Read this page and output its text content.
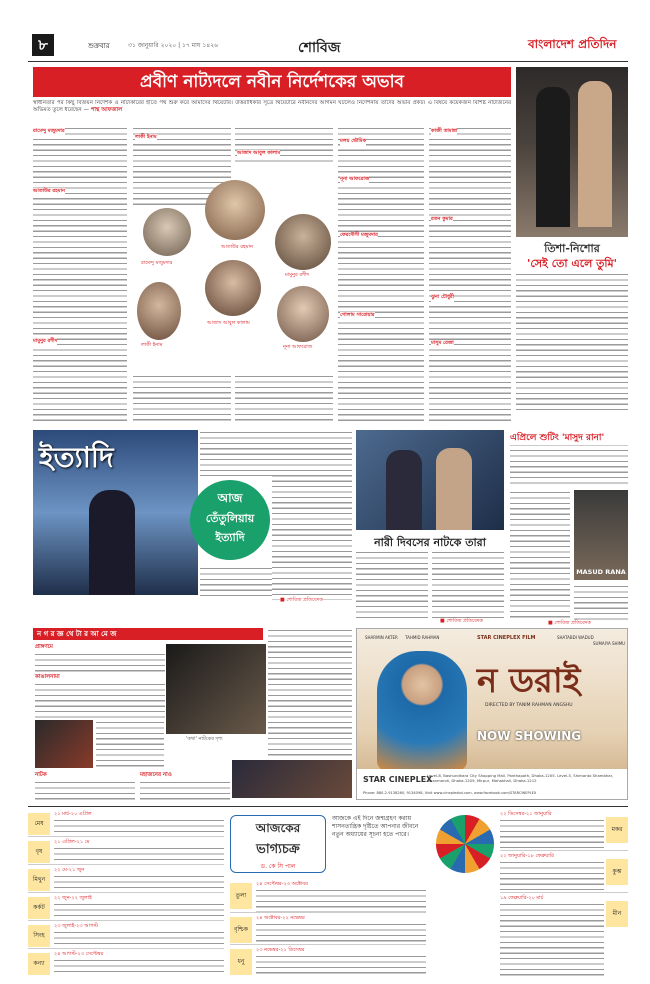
৮	শুক্রবার	৩১ জানুয়ারি ২০২০ | ১৭ মাঘ ১৪২৬	শোবিজ	বাংলাদেশ প্রতিদিন
প্রবীণ নাট্যদলে নবীন নির্দেশকের অভাব
স্বাধীনতার পর কিছু বিজয়ন নির্দেশক ও নাট্যকারের হাতে পথ শুরু করে আমাদের থিয়েটার। উত্তরাধিকার সূত্রে থিয়েটারে নবীনদের আগমন ঘটলেও নির্দেশনায় তাদের অভাব প্রকট। এ বিষয়ে কয়েকজন বিশিষ্ট নাট্যজনের অভিমত তুলে ধরেছেন — পান্থ আফজাল
রামেন্দু মজুমদার
আতাউর রহমান
মামুনুর রশীদ
লাকী ইনাম
আজাদ আবুল কালাম
নূনা আফরোজ
রামেন্দু মজুমদার
আতাউর রহমান
মামুনুর রশীদ
লাকী ইনাম
আজাদ আবুল কালাম
নূনা আফরোজ
মলয় ভৌমিক
ফেরদৌসী মজুমদার
গোলাম সারোয়ার
কাজী তামান্না
রতন কুমার
ঝুনা চৌধুরী
মাসুম রেজা
তিশা-নিশোর
'সেই তো এলে তুমি'
ইত্যাদি
আজ
তেঁতুলিয়ায়
ইত্যাদি
■ শোবিজ প্রতিবেদক
নারী দিবসের নাটকে তারা
■ শোবিজ প্রতিবেদক
এপ্রিলে শুটিং 'মাসুদ রানা'
MASUD RANA
■ শোবিজ প্রতিবেদক
ন গ র জ্ঞ থে টা র আ মে জ
প্রাঙ্গণমে
কাঙালনামা
'কথা' নাটকের দৃশ্য
নাটক	মহাজনের নাও
STAR CINEPLEX FILM
SHARMIN AKTER TAHMID RAHMAN	SHATABDI WADUD
SUMAIYA SHIMU
ন ডরাই
DIRECTED BY TANIM RAHMAN ANGSHU
NOW SHOWING
STAR CINEPLEX
Level-8, Bashundhara City Shopping Mall, Panthapath, Dhaka-1205. Level-5, Shimanto Shambhar, Dhanmondi, Dhaka-1209, Mirpur, Mohakhali, Dhaka-1212
Phone: 880-2-9138260, 9134098, Visit www.cineplexbd.com, www.facebook.com/STARCINEPLEX
মেষ
২১ মার্চ-২০ এপ্রিল
বৃষ
২১ এপ্রিল-২১ মে
মিথুন
২২ মে-২১ জুন
কর্কট
২২ জুন-২২ জুলাই
সিংহ
২৩ জুলাই-২৩ আগস্ট
কন্যা
২৪ আগস্ট-২৩ সেপ্টেম্বর
আজকের
ভাগ্যচক্র
ড. কে সি পাল
আজকে এই দিনে জন্মগ্রহণ করায় শাসনতান্ত্রিক দৃষ্টিতে আপনার জীবনে নতুন অধ্যায়ের সূচনা হতে পারে।
তুলা
২৪ সেপ্টেম্বর-২৩ অক্টোবর
বৃশ্চিক
২৪ অক্টোবর-২২ নভেম্বর
ধনু
২৩ নভেম্বর-২১ ডিসেম্বর
২২ ডিসেম্বর-২১ জানুয়ারি
মকর
২২ জানুয়ারি-১৮ ফেব্রুয়ারি
কুম্ভ
১৯ ফেব্রুয়ারি-২০ মার্চ
মীন
